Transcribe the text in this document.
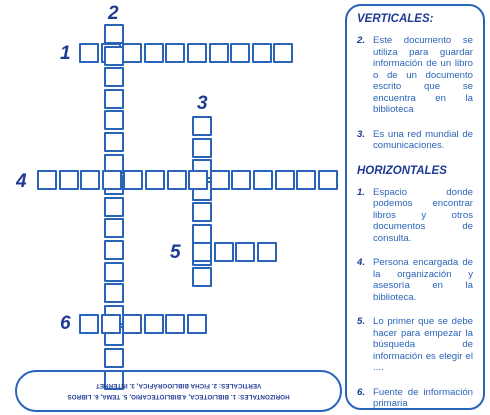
2
1
3
4
5
6
HORIZONTALES: 1. BIBLIOTECA, 4.BIBLIOTECARIO, 5. TEMA, 6. LIBROS
VERTICALES: 2. FICHA BIBLIOGRÁFICA, 3. INTERNET
VERTICALES:
2. Este documento se utiliza para guardar información de un libro o de un documento escrito que se encuentra en la biblioteca
3. Es una red mundial de comunicaciones.
HORIZONTALES
1. Espacio donde podemos encontrar libros y otros documentos de consulta.
4. Persona encargada de la organización y asesoría en la biblioteca.
5. Lo primer que se debe hacer para empezar la búsqueda de información es elegir el ....
6. Fuente de información primaria
